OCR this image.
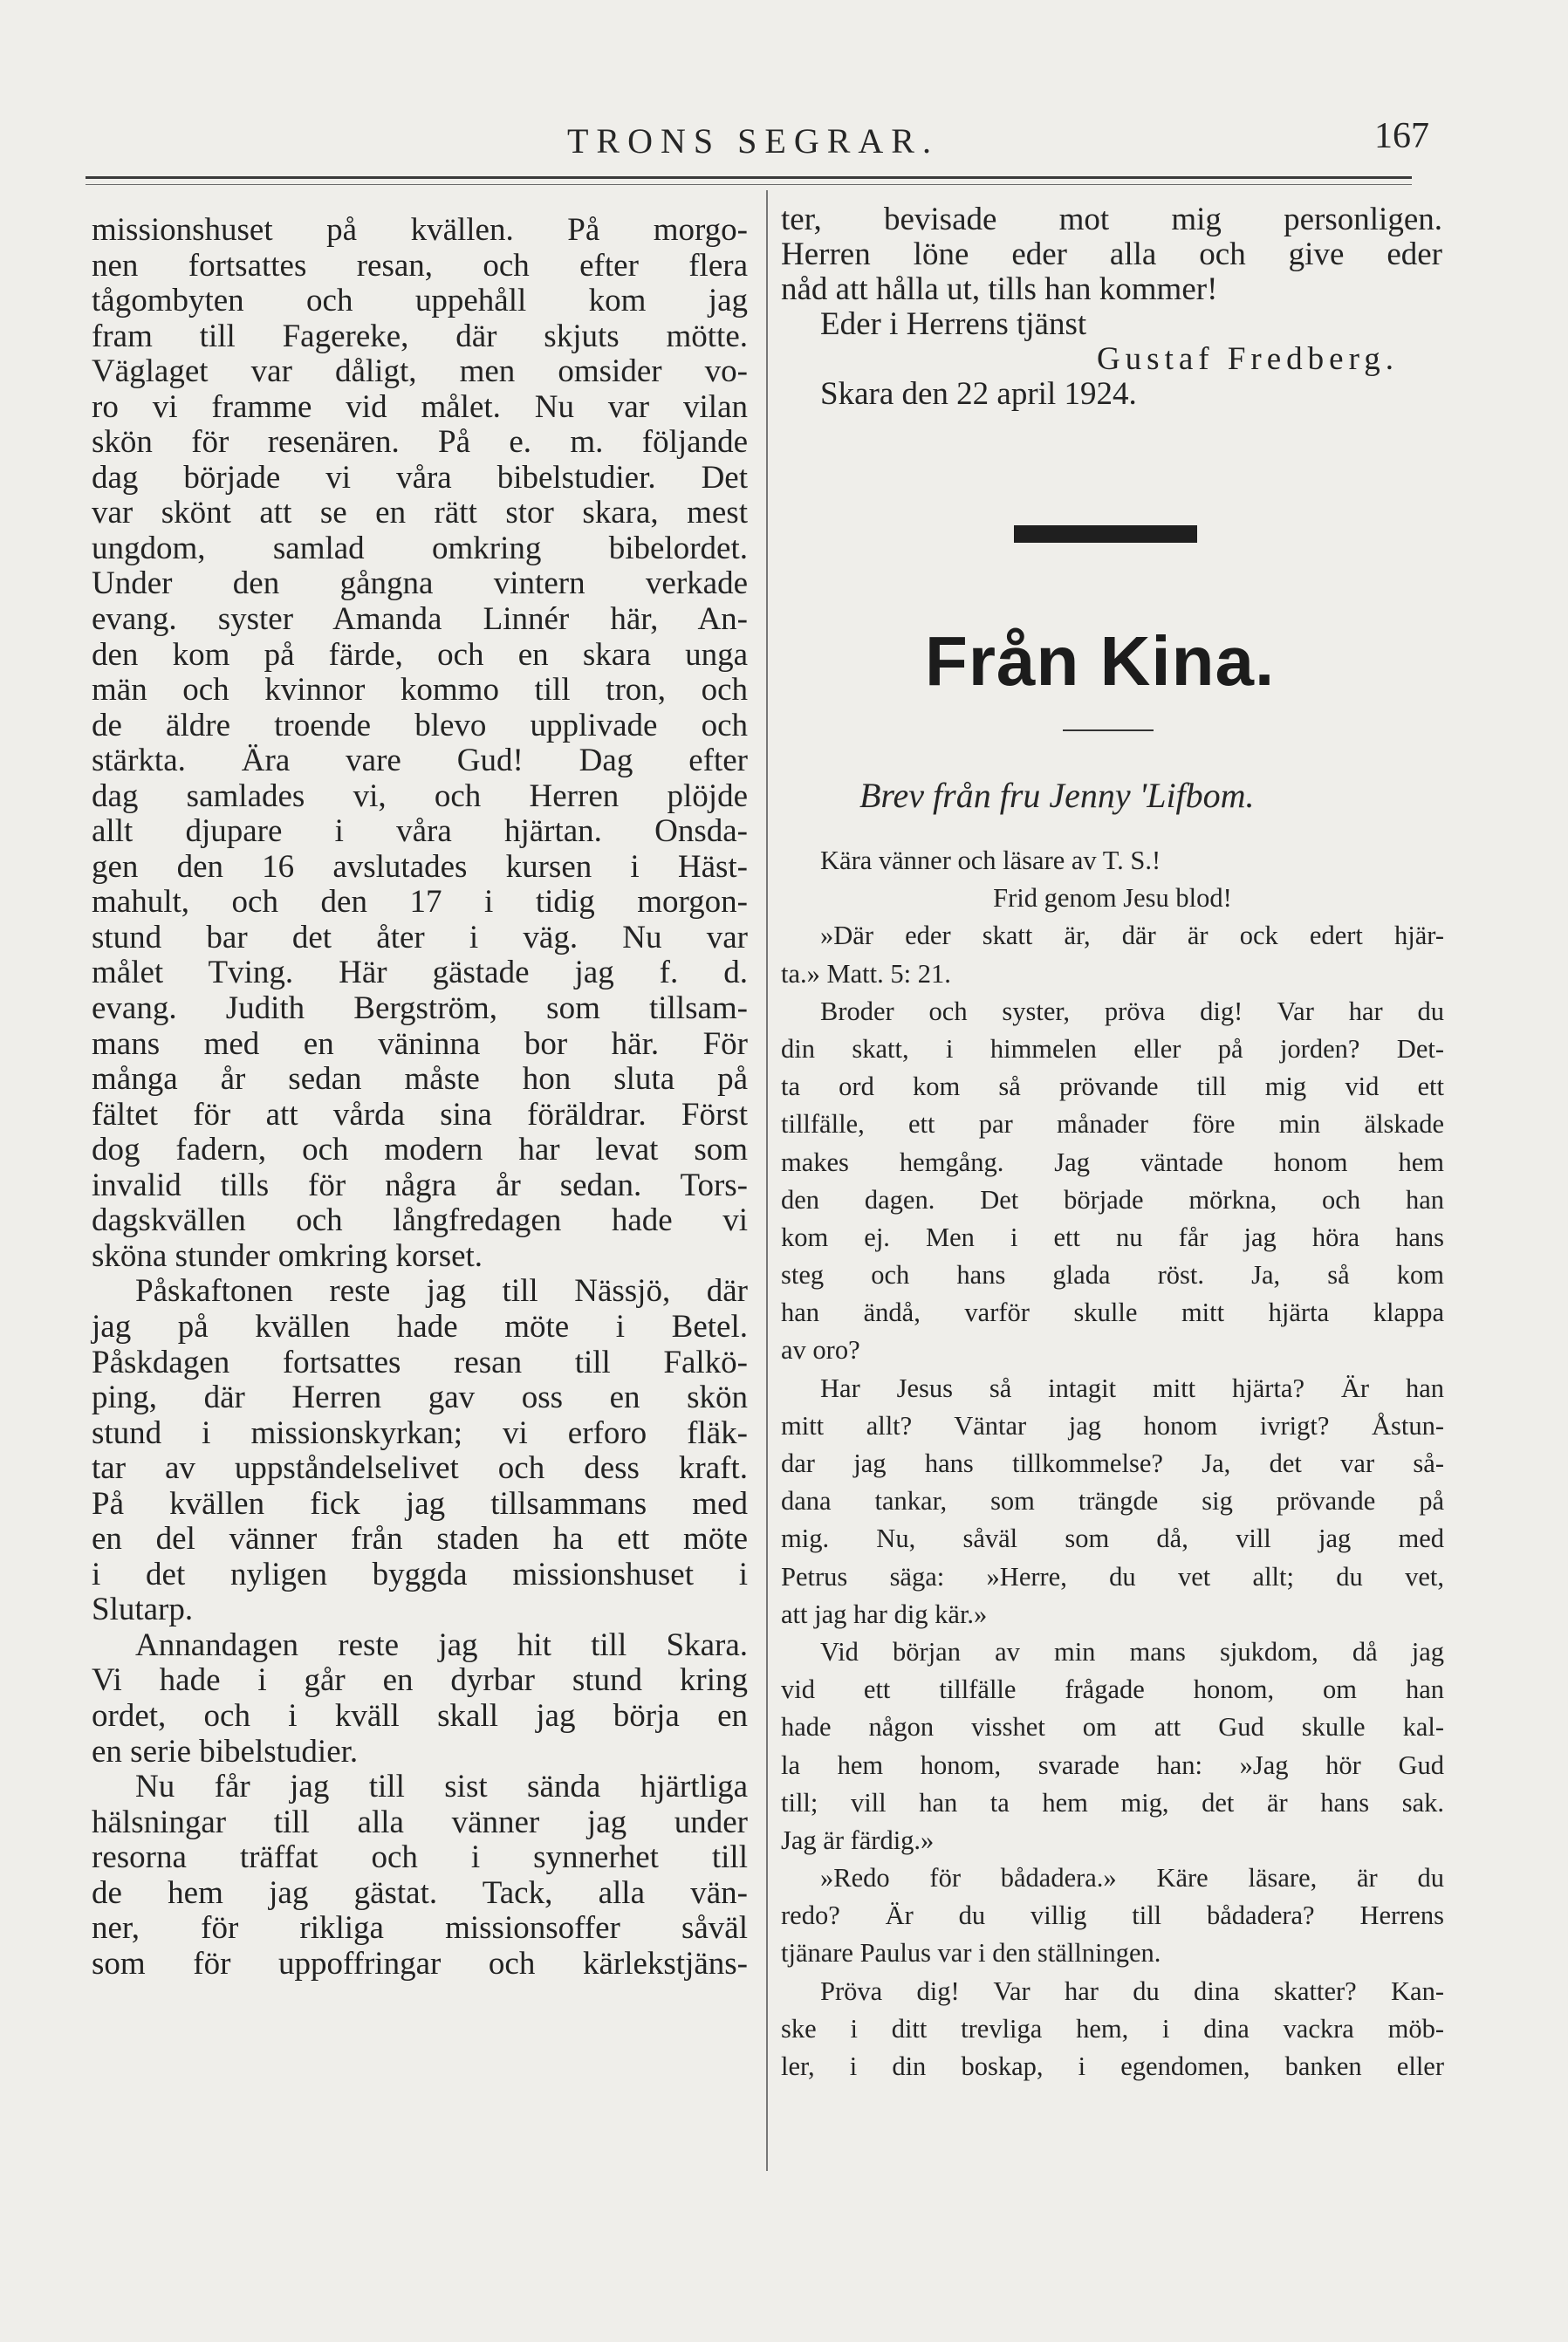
TRONS SEGRAR.	167
missionshuset på kvällen. På morgo-
nen fortsattes resan, och efter flera
tågombyten och uppehåll kom jag
fram till Fagereke, där skjuts mötte.
Väglaget var dåligt, men omsider vo-
ro vi framme vid målet. Nu var vilan
skön för resenären. På e. m. följande
dag började vi våra bibelstudier. Det
var skönt att se en rätt stor skara, mest
ungdom, samlad omkring bibelordet.
Under den gångna vintern verkade
evang. syster Amanda Linnér här, An-
den kom på färde, och en skara unga
män och kvinnor kommo till tron, och
de äldre troende blevo upplivade och
stärkta. Ära vare Gud! Dag efter
dag samlades vi, och Herren plöjde
allt djupare i våra hjärtan. Onsda-
gen den 16 avslutades kursen i Häst-
mahult, och den 17 i tidig morgon-
stund bar det åter i väg. Nu var
målet Tving. Här gästade jag f. d.
evang. Judith Bergström, som tillsam-
mans med en väninna bor här. För
många år sedan måste hon sluta på
fältet för att vårda sina föräldrar. Först
dog fadern, och modern har levat som
invalid tills för några år sedan. Tors-
dagskvällen och långfredagen hade vi
sköna stunder omkring korset.
Påskaftonen reste jag till Nässjö, där
jag på kvällen hade möte i Betel.
Påskdagen fortsattes resan till Falkö-
ping, där Herren gav oss en skön
stund i missionskyrkan; vi erforo fläk-
tar av uppståndelselivet och dess kraft.
På kvällen fick jag tillsammans med
en del vänner från staden ha ett möte
i det nyligen byggda missionshuset i
Slutarp.
Annandagen reste jag hit till Skara.
Vi hade i går en dyrbar stund kring
ordet, och i kväll skall jag börja en
en serie bibelstudier.
Nu får jag till sist sända hjärtliga
hälsningar till alla vänner jag under
resorna träffat och i synnerhet till
de hem jag gästat. Tack, alla vän-
ner, för rikliga missionsoffer såväl
som för uppoffringar och kärlekstjäns-
ter, bevisade mot mig personligen.
Herren löne eder alla och give eder
nåd att hålla ut, tills han kommer!
Eder i Herrens tjänst
Gustaf Fredberg.
Skara den 22 april 1924.
Från Kina.
Brev från fru Jenny 'Lifbom.
Kära vänner och läsare av T. S.!
Frid genom Jesu blod!
»Där eder skatt är, där är ock edert hjär-
ta.» Matt. 5: 21.
Broder och syster, pröva dig! Var har du
din skatt, i himmelen eller på jorden? Det-
ta ord kom så prövande till mig vid ett
tillfälle, ett par månader före min älskade
makes hemgång. Jag väntade honom hem
den dagen. Det började mörkna, och han
kom ej. Men i ett nu får jag höra hans
steg och hans glada röst. Ja, så kom
han ändå, varför skulle mitt hjärta klappa
av oro?
Har Jesus så intagit mitt hjärta? Är han
mitt allt? Väntar jag honom ivrigt? Åstun-
dar jag hans tillkommelse? Ja, det var så-
dana tankar, som trängde sig prövande på
mig. Nu, såväl som då, vill jag med
Petrus säga: »Herre, du vet allt; du vet,
att jag har dig kär.»
Vid början av min mans sjukdom, då jag
vid ett tillfälle frågade honom, om han
hade någon visshet om att Gud skulle kal-
la hem honom, svarade han: »Jag hör Gud
till; vill han ta hem mig, det är hans sak.
Jag är färdig.»
»Redo för bådadera.» Käre läsare, är du
redo? Är du villig till bådadera? Herrens
tjänare Paulus var i den ställningen.
Pröva dig! Var har du dina skatter? Kan-
ske i ditt trevliga hem, i dina vackra möb-
ler, i din boskap, i egendomen, banken eller
